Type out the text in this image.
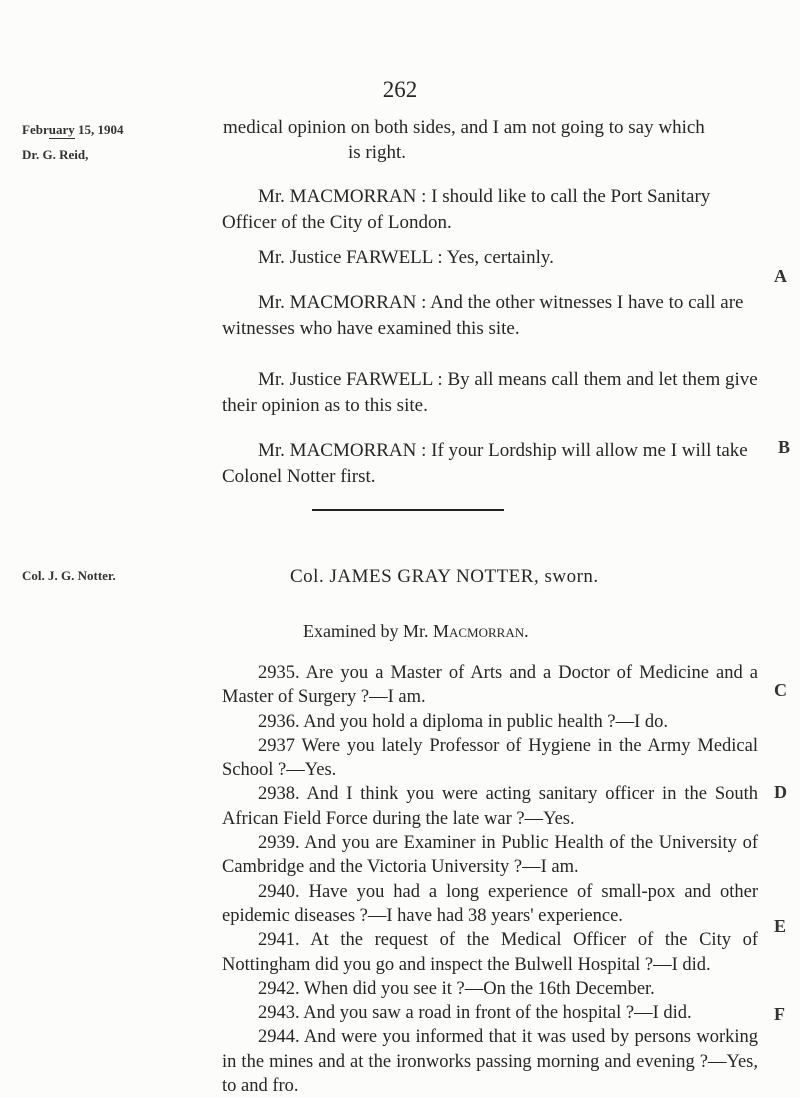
262
February 15, 1904
Dr. G. Reid,
medical opinion on both sides, and I am not going to say which
is right.
Mr. MACMORRAN : I should like to call the Port Sanitary Officer of the City of London.
Mr. Justice FARWELL : Yes, certainly.
Mr. MACMORRAN : And the other witnesses I have to call are witnesses who have examined this site.
Mr. Justice FARWELL : By all means call them and let them give their opinion as to this site.
Mr. MACMORRAN : If your Lordship will allow me I will take Colonel Notter first.
Col. J. G. Notter.	Col. JAMES GRAY NOTTER, sworn.
Examined by Mr. Macmorran.

2935. Are you a Master of Arts and a Doctor of Medicine and a Master of Surgery ?—I am.

2936. And you hold a diploma in public health ?—I do.

2937 Were you lately Professor of Hygiene in the Army Medical School ?—Yes.

2938. And I think you were acting sanitary officer in the South African Field Force during the late war ?—Yes.

2939. And you are Examiner in Public Health of the University of Cambridge and the Victoria University ?—I am.

2940. Have you had a long experience of small-pox and other epidemic diseases ?—I have had 38 years' experience.

2941. At the request of the Medical Officer of the City of Nottingham did you go and inspect the Bulwell Hospital ?—I did.

2942. When did you see it ?—On the 16th December.

2943. And you saw a road in front of the hospital ?—I did.

2944. And were you informed that it was used by persons working in the mines and at the ironworks passing morning and evening ?—Yes, to and fro.

A
B
C
D
E
F
